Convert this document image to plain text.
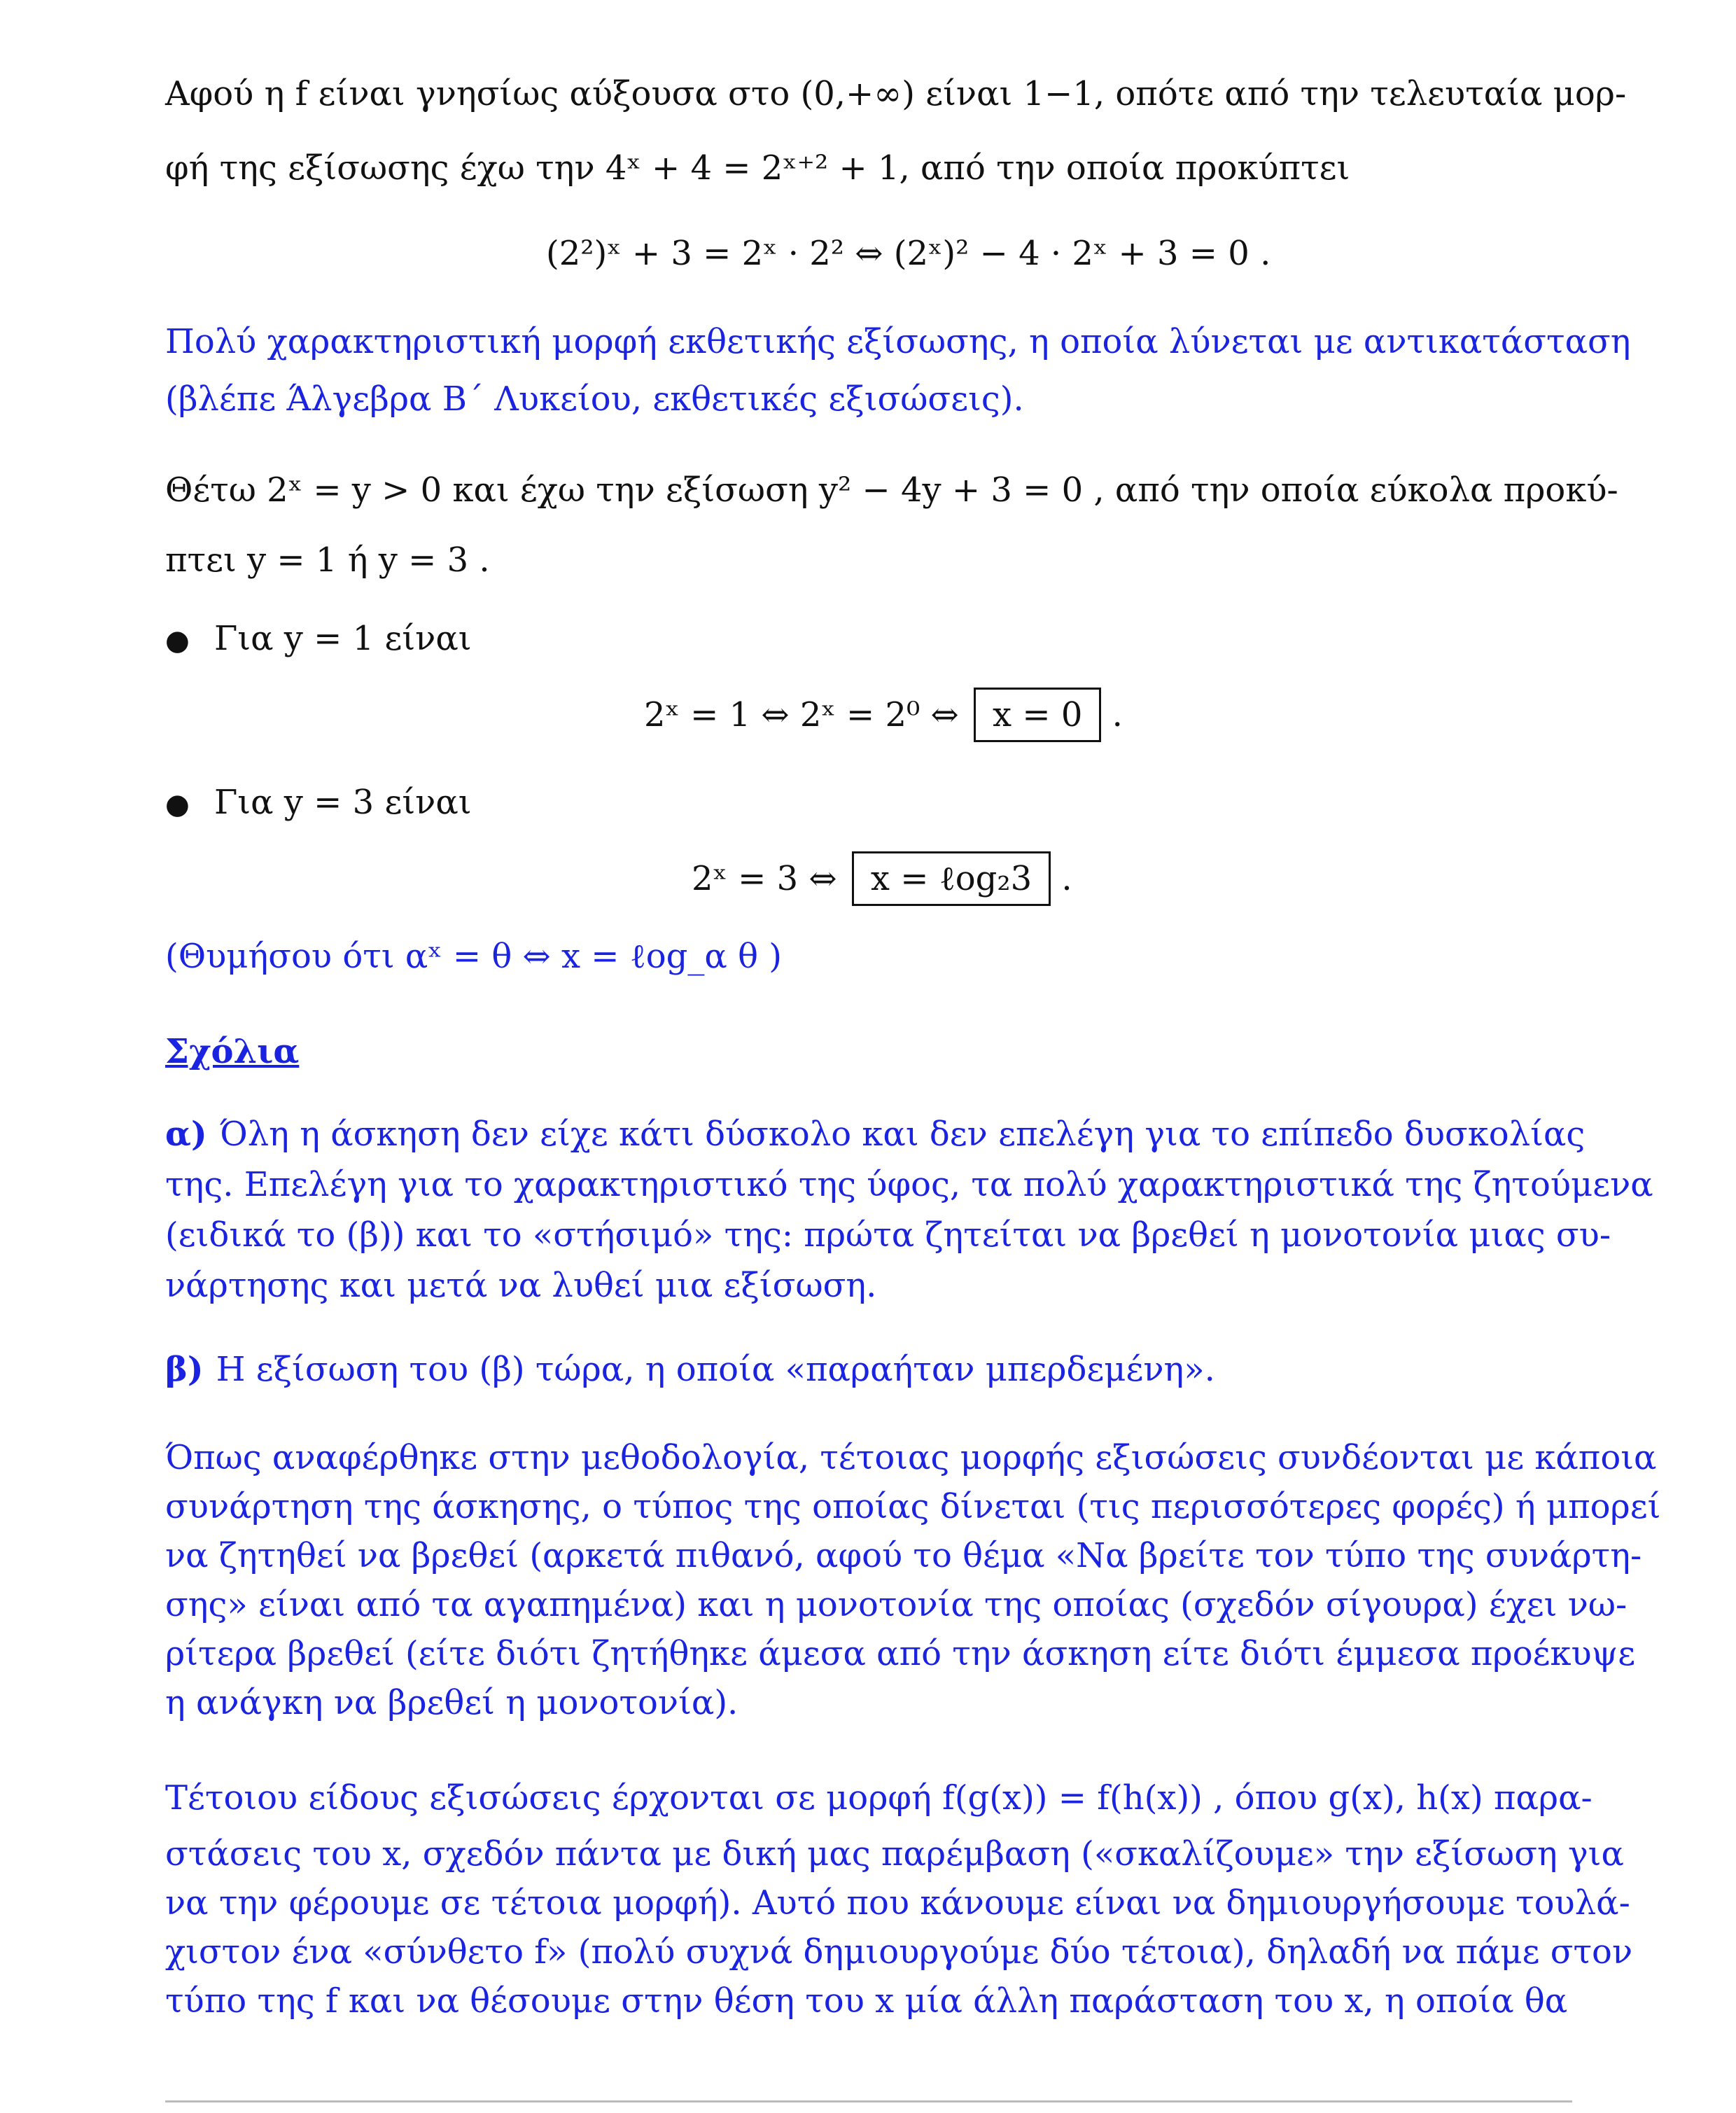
Αφού η f είναι γνησίως αύξουσα στο (0,+∞) είναι 1−1, οπότε από την τελευταία μορ-
φή της εξίσωσης έχω την 4ˣ + 4 = 2ˣ⁺² + 1, από την οποία προκύπτει
(2²)ˣ + 3 = 2ˣ · 2² ⇔ (2ˣ)² − 4 · 2ˣ + 3 = 0 .
Πολύ χαρακτηριστική μορφή εκθετικής εξίσωσης, η οποία λύνεται με αντικατάσταση
(βλέπε Άλγεβρα Β΄ Λυκείου, εκθετικές εξισώσεις).
Θέτω 2ˣ = y > 0 και έχω την εξίσωση y² − 4y + 3 = 0 , από την οποία εύκολα προκύ-
πτει y = 1 ή y = 3 .
● Για y = 1 είναι
2ˣ = 1 ⇔ 2ˣ = 2⁰ ⇔ x = 0 .
● Για y = 3 είναι
2ˣ = 3 ⇔ x = ℓog₂3 .
(Θυμήσου ότι αˣ = θ ⇔ x = ℓog_α θ )
Σχόλια
α) Όλη η άσκηση δεν είχε κάτι δύσκολο και δεν επελέγη για το επίπεδο δυσκολίας
της. Επελέγη για το χαρακτηριστικό της ύφος, τα πολύ χαρακτηριστικά της ζητούμενα
(ειδικά το (β)) και το «στήσιμό» της: πρώτα ζητείται να βρεθεί η μονοτονία μιας συ-
νάρτησης και μετά να λυθεί μια εξίσωση.
β) Η εξίσωση του (β) τώρα, η οποία «παραήταν μπερδεμένη».
Όπως αναφέρθηκε στην μεθοδολογία, τέτοιας μορφής εξισώσεις συνδέονται με κάποια
συνάρτηση της άσκησης, ο τύπος της οποίας δίνεται (τις περισσότερες φορές) ή μπορεί
να ζητηθεί να βρεθεί (αρκετά πιθανό, αφού το θέμα «Να βρείτε τον τύπο της συνάρτη-
σης» είναι από τα αγαπημένα) και η μονοτονία της οποίας (σχεδόν σίγουρα) έχει νω-
ρίτερα βρεθεί (είτε διότι ζητήθηκε άμεσα από την άσκηση είτε διότι έμμεσα προέκυψε
η ανάγκη να βρεθεί η μονοτονία).
Τέτοιου είδους εξισώσεις έρχονται σε μορφή f(g(x)) = f(h(x)) , όπου g(x), h(x) παρα-
στάσεις του x, σχεδόν πάντα με δική μας παρέμβαση («σκαλίζουμε» την εξίσωση για
να την φέρουμε σε τέτοια μορφή). Αυτό που κάνουμε είναι να δημιουργήσουμε τουλά-
χιστον ένα «σύνθετο f» (πολύ συχνά δημιουργούμε δύο τέτοια), δηλαδή να πάμε στον
τύπο της f και να θέσουμε στην θέση του x μία άλλη παράσταση του x, η οποία θα
